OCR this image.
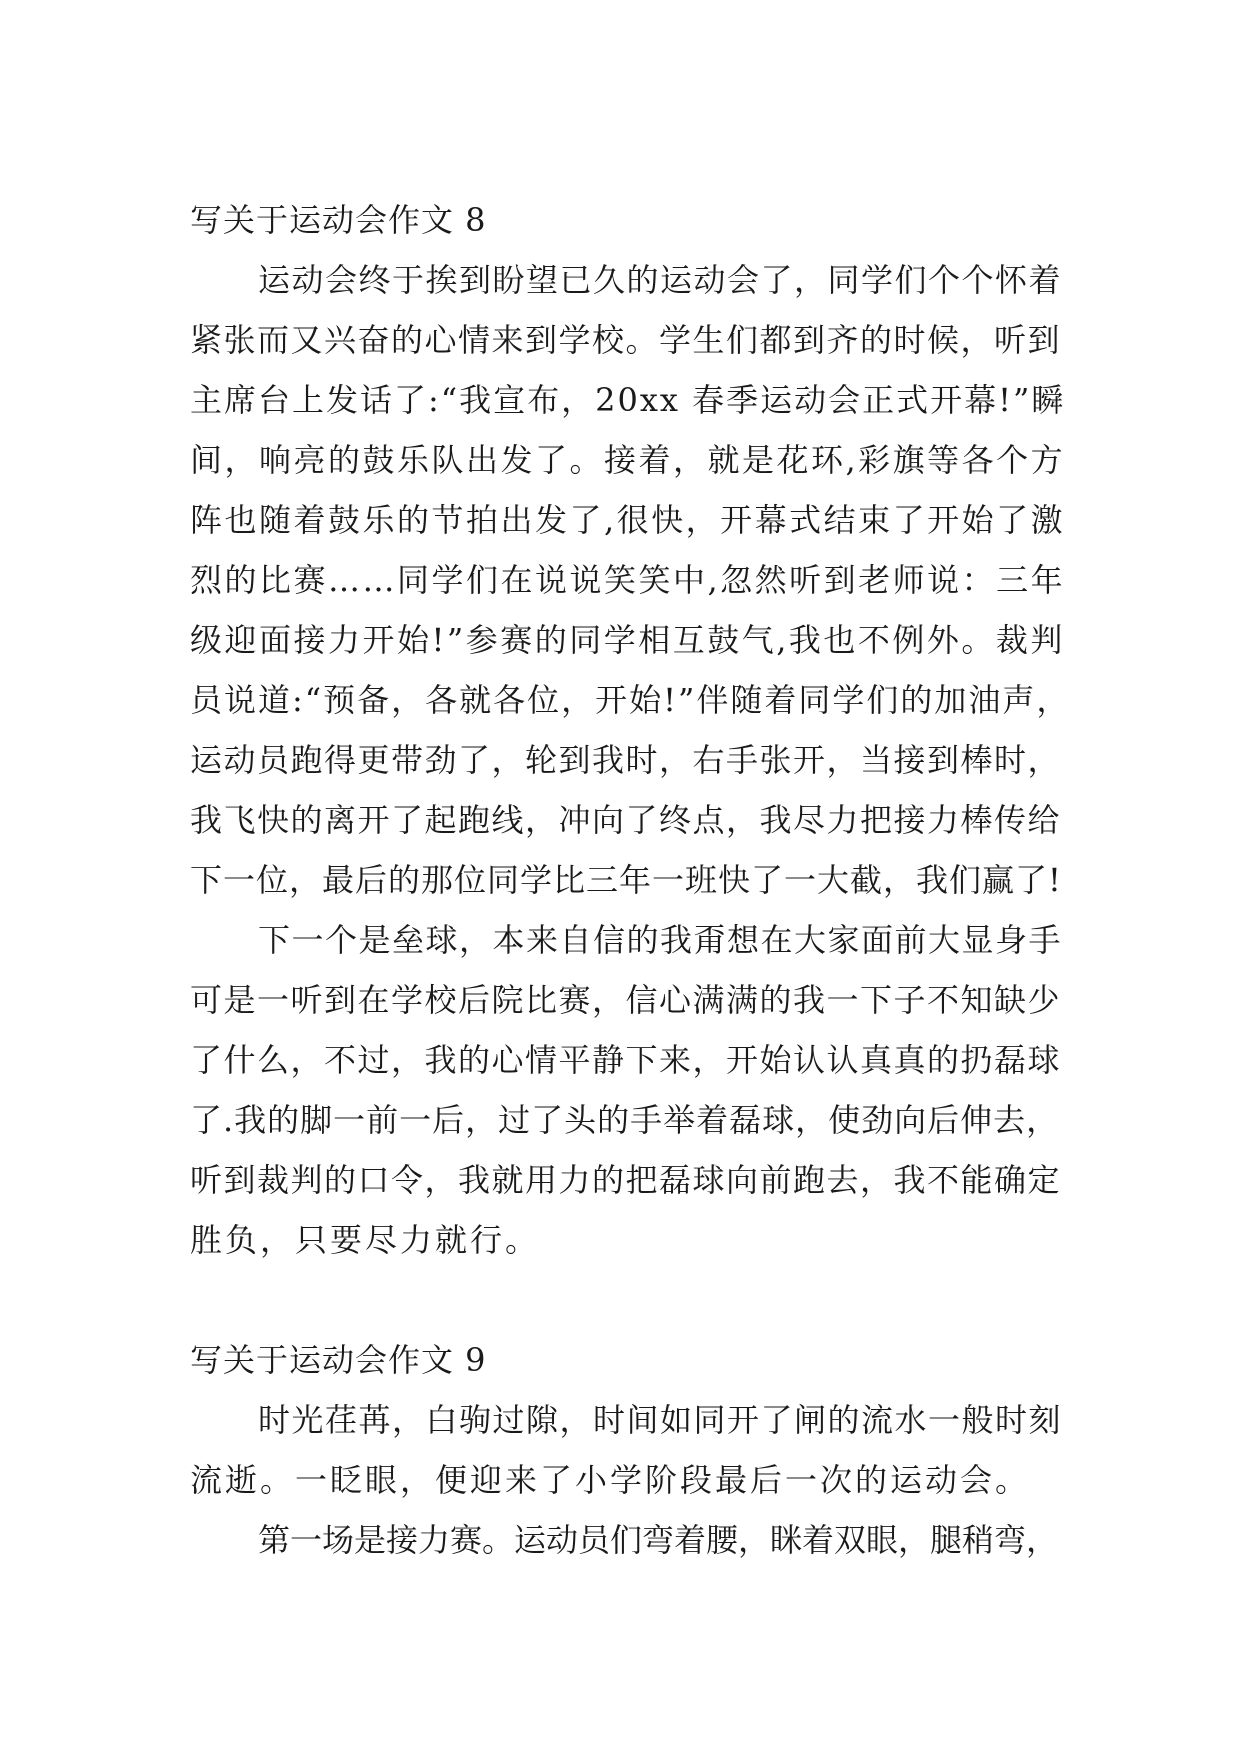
写关于运动会作文 8
运动会终于挨到盼望已久的运动会了，同学们个个怀着
紧张而又兴奋的心情来到学校。学生们都到齐的时候，听到
主席台上发话了:“我宣布，20xx 春季运动会正式开幕!”瞬
间，响亮的鼓乐队出发了。接着，就是花环,彩旗等各个方
阵也随着鼓乐的节拍出发了,很快，开幕式结束了开始了激
烈的比赛……同学们在说说笑笑中,忽然听到老师说：三年
级迎面接力开始!”参赛的同学相互鼓气,我也不例外。裁判
员说道:“预备，各就各位，开始!”伴随着同学们的加油声，
运动员跑得更带劲了，轮到我时，右手张开，当接到棒时，
我飞快的离开了起跑线，冲向了终点，我尽力把接力棒传给
下一位，最后的那位同学比三年一班快了一大截，我们赢了!
下一个是垒球，本来自信的我甭想在大家面前大显身手
可是一听到在学校后院比赛，信心满满的我一下子不知缺少
了什么，不过，我的心情平静下来，开始认认真真的扔磊球
了.我的脚一前一后，过了头的手举着磊球，使劲向后伸去，
听到裁判的口令，我就用力的把磊球向前跑去，我不能确定
胜负，只要尽力就行。
写关于运动会作文 9
时光荏苒，白驹过隙，时间如同开了闸的流水一般时刻
流逝。一眨眼，便迎来了小学阶段最后一次的运动会。
第一场是接力赛。运动员们弯着腰，眯着双眼，腿稍弯，
